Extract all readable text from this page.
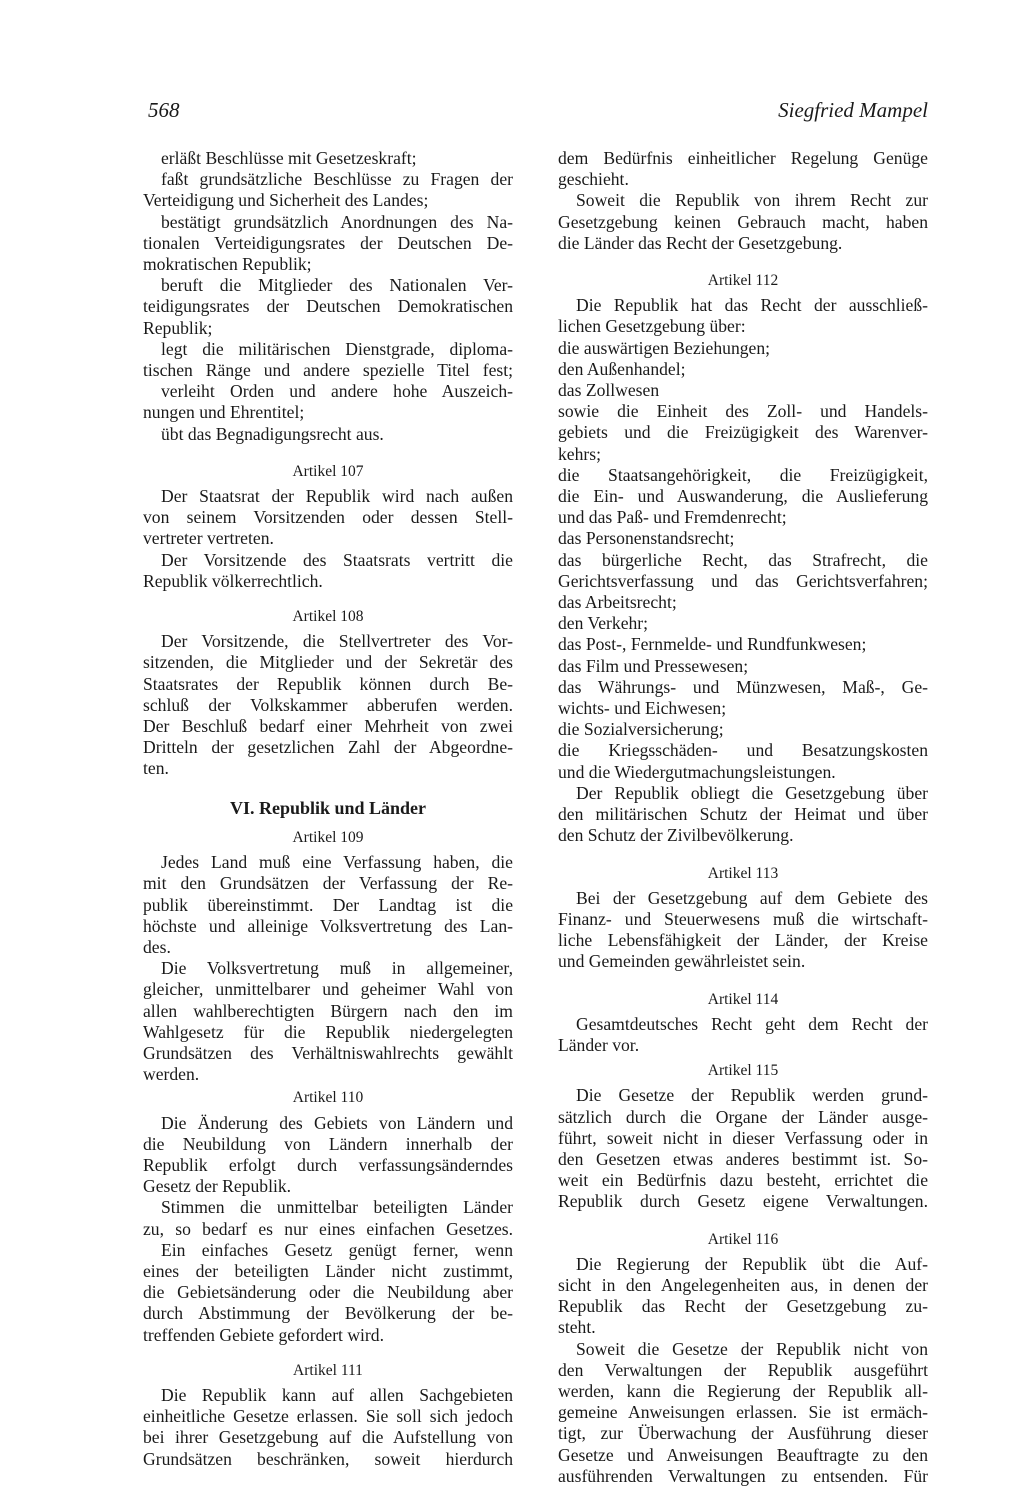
568	Siegfried Mampel
erläßt Beschlüsse mit Gesetzeskraft;
faßt grundsätzliche Beschlüsse zu Fragen der
Verteidigung und Sicherheit des Landes;
bestätigt grundsätzlich Anordnungen des Na-
tionalen Verteidigungsrates der Deutschen De-
mokratischen Republik;
beruft die Mitglieder des Nationalen Ver-
teidigungsrates der Deutschen Demokratischen
Republik;
legt die militärischen Dienstgrade, diploma-
tischen Ränge und andere spezielle Titel fest;
verleiht Orden und andere hohe Auszeich-
nungen und Ehrentitel;
übt das Begnadigungsrecht aus.
Artikel 107
Der Staatsrat der Republik wird nach außen
von seinem Vorsitzenden oder dessen Stell-
vertreter vertreten.
Der Vorsitzende des Staatsrats vertritt die
Republik völkerrechtlich.
Artikel 108
Der Vorsitzende, die Stellvertreter des Vor-
sitzenden, die Mitglieder und der Sekretär des
Staatsrates der Republik können durch Be-
schluß der Volkskammer abberufen werden.
Der Beschluß bedarf einer Mehrheit von zwei
Dritteln der gesetzlichen Zahl der Abgeordne-
ten.
VI. Republik und Länder
Artikel 109
Jedes Land muß eine Verfassung haben, die
mit den Grundsätzen der Verfassung der Re-
publik übereinstimmt. Der Landtag ist die
höchste und alleinige Volksvertretung des Lan-
des.
Die Volksvertretung muß in allgemeiner,
gleicher, unmittelbarer und geheimer Wahl von
allen wahlberechtigten Bürgern nach den im
Wahlgesetz für die Republik niedergelegten
Grundsätzen des Verhältniswahlrechts gewählt
werden.
Artikel 110
Die Änderung des Gebiets von Ländern und
die Neubildung von Ländern innerhalb der
Republik erfolgt durch verfassungsänderndes
Gesetz der Republik.
Stimmen die unmittelbar beteiligten Länder
zu, so bedarf es nur eines einfachen Gesetzes.
Ein einfaches Gesetz genügt ferner, wenn
eines der beteiligten Länder nicht zustimmt,
die Gebietsänderung oder die Neubildung aber
durch Abstimmung der Bevölkerung der be-
treffenden Gebiete gefordert wird.
Artikel 111
Die Republik kann auf allen Sachgebieten
einheitliche Gesetze erlassen. Sie soll sich jedoch
bei ihrer Gesetzgebung auf die Aufstellung von
Grundsätzen beschränken, soweit hierdurch
dem Bedürfnis einheitlicher Regelung Genüge
geschieht.
Soweit die Republik von ihrem Recht zur
Gesetzgebung keinen Gebrauch macht, haben
die Länder das Recht der Gesetzgebung.
Artikel 112
Die Republik hat das Recht der ausschließ-
lichen Gesetzgebung über:
die auswärtigen Beziehungen;
den Außenhandel;
das Zollwesen
sowie die Einheit des Zoll- und Handels-
gebiets und die Freizügigkeit des Warenver-
kehrs;
die Staatsangehörigkeit, die Freizügigkeit,
die Ein- und Auswanderung, die Auslieferung
und das Paß- und Fremdenrecht;
das Personenstandsrecht;
das bürgerliche Recht, das Strafrecht, die
Gerichtsverfassung und das Gerichtsverfahren;
das Arbeitsrecht;
den Verkehr;
das Post-, Fernmelde- und Rundfunkwesen;
das Film und Pressewesen;
das Währungs- und Münzwesen, Maß-, Ge-
wichts- und Eichwesen;
die Sozialversicherung;
die Kriegsschäden- und Besatzungskosten
und die Wiedergutmachungsleistungen.
Der Republik obliegt die Gesetzgebung über
den militärischen Schutz der Heimat und über
den Schutz der Zivilbevölkerung.
Artikel 113
Bei der Gesetzgebung auf dem Gebiete des
Finanz- und Steuerwesens muß die wirtschaft-
liche Lebensfähigkeit der Länder, der Kreise
und Gemeinden gewährleistet sein.
Artikel 114
Gesamtdeutsches Recht geht dem Recht der
Länder vor.
Artikel 115
Die Gesetze der Republik werden grund-
sätzlich durch die Organe der Länder ausge-
führt, soweit nicht in dieser Verfassung oder in
den Gesetzen etwas anderes bestimmt ist. So-
weit ein Bedürfnis dazu besteht, errichtet die
Republik durch Gesetz eigene Verwaltungen.
Artikel 116
Die Regierung der Republik übt die Auf-
sicht in den Angelegenheiten aus, in denen der
Republik das Recht der Gesetzgebung zu-
steht.
Soweit die Gesetze der Republik nicht von
den Verwaltungen der Republik ausgeführt
werden, kann die Regierung der Republik all-
gemeine Anweisungen erlassen. Sie ist ermäch-
tigt, zur Überwachung der Ausführung dieser
Gesetze und Anweisungen Beauftragte zu den
ausführenden Verwaltungen zu entsenden. Für
